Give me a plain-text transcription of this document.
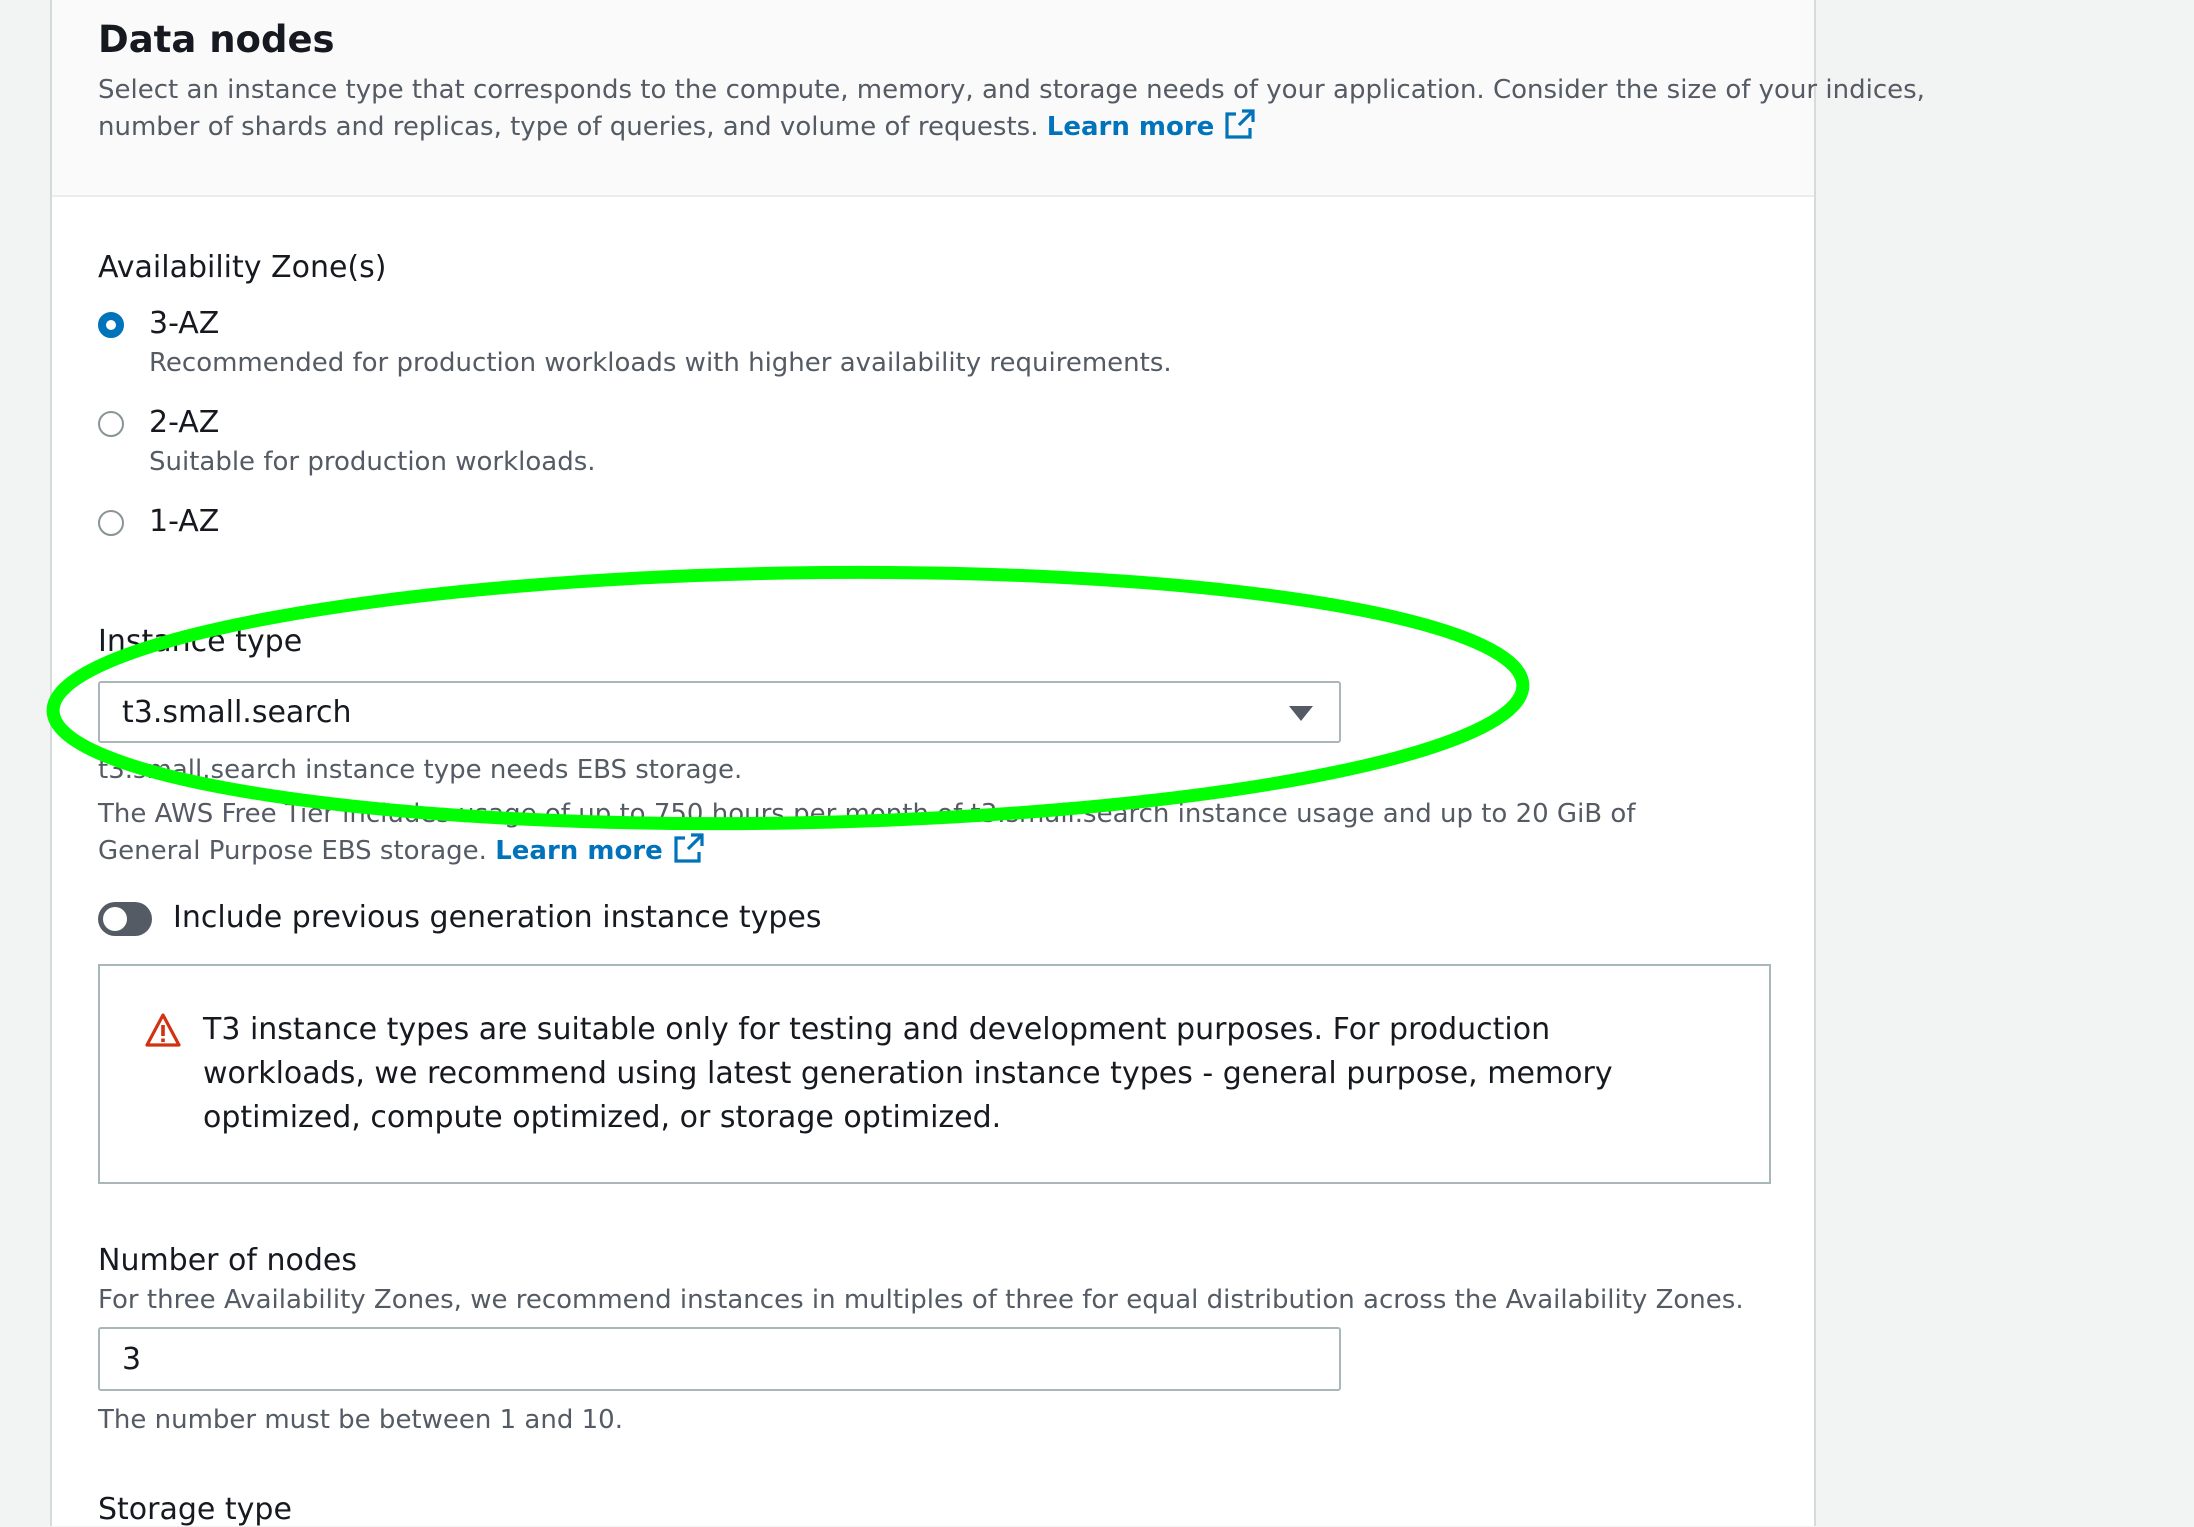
Data nodes
Select an instance type that corresponds to the compute, memory, and storage needs of your application. Consider the size of your indices,
number of shards and replicas, type of queries, and volume of requests. Learn more
Availability Zone(s)
3-AZ
Recommended for production workloads with higher availability requirements.
2-AZ
Suitable for production workloads.
1-AZ
Instance type
t3.small.search
t3.small.search instance type needs EBS storage.
The AWS Free Tier includes usage of up to 750 hours per month of t3.small.search instance usage and up to 20 GiB of
General Purpose EBS storage. Learn more
Include previous generation instance types
T3 instance types are suitable only for testing and development purposes. For production workloads, we recommend using latest generation instance types - general purpose, memory optimized, compute optimized, or storage optimized.
Number of nodes
For three Availability Zones, we recommend instances in multiples of three for equal distribution across the Availability Zones.
3
The number must be between 1 and 10.
Storage type
